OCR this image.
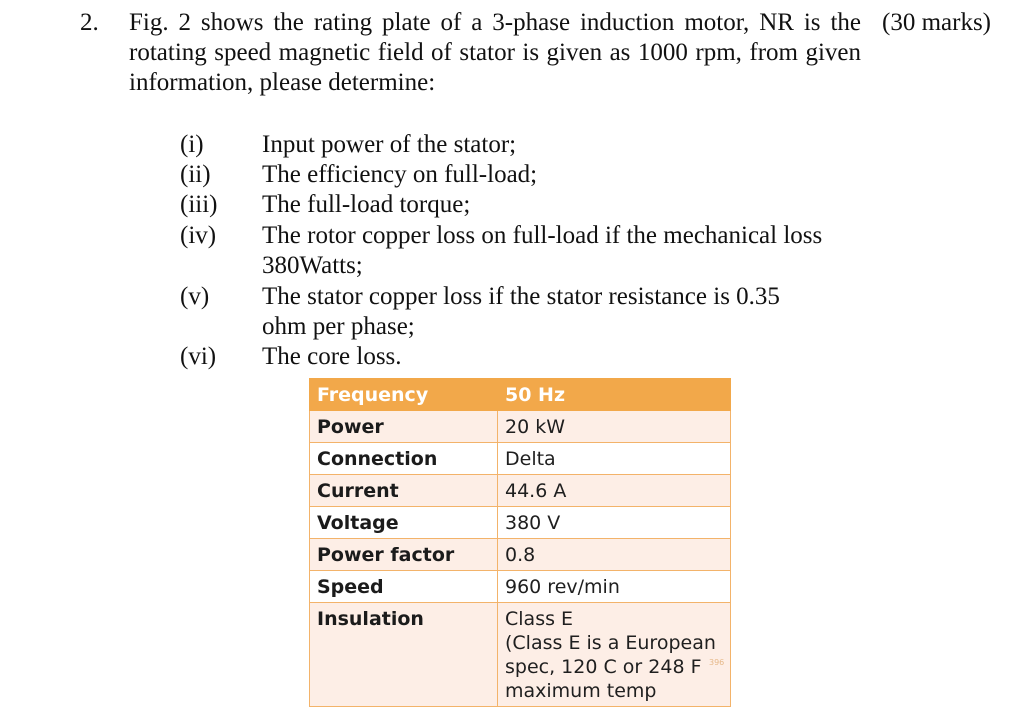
2. Fig. 2 shows the rating plate of a 3-phase induction motor, NR is the rotating speed magnetic field of stator is given as 1000 rpm, from given information, please determine:
(30 marks)
(i) Input power of the stator;
(ii) The efficiency on full-load;
(iii) The full-load torque;
(iv) The rotor copper loss on full-load if the mechanical loss 380Watts;
(v) The stator copper loss if the stator resistance is 0.35 ohm per phase;
(vi) The core loss.
Frequency	50 Hz
Power	20 kW
Connection	Delta
Current	44.6 A
Voltage	380 V
Power factor	0.8
Speed	960 rev/min
Insulation	Class E
(Class E is a European spec, 120 C or 248 F maximum temp
396
